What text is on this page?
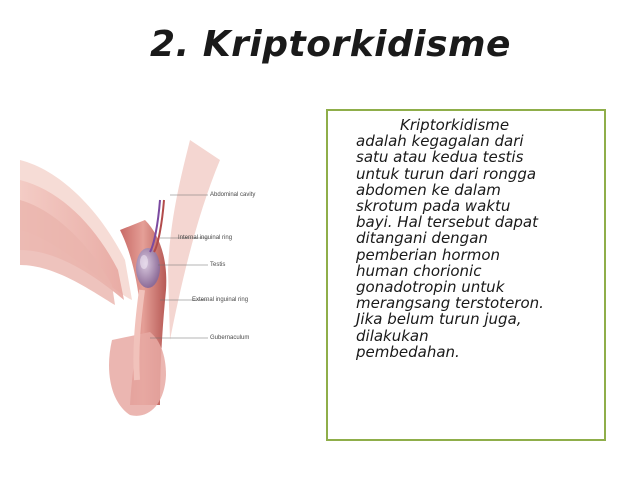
2. Kriptorkidisme
Abdominal cavity
Internal inguinal ring
Testis
External inguinal ring
Gubernaculum

Kriptorkidisme
adalah kegagalan dari
satu atau kedua testis
untuk turun dari rongga
abdomen ke dalam
skrotum pada waktu
bayi. Hal tersebut dapat
ditangani dengan
pemberian hormon
human chorionic
gonadotropin untuk
merangsang terstoteron.
Jika belum turun juga,
dilakukan
pembedahan.
